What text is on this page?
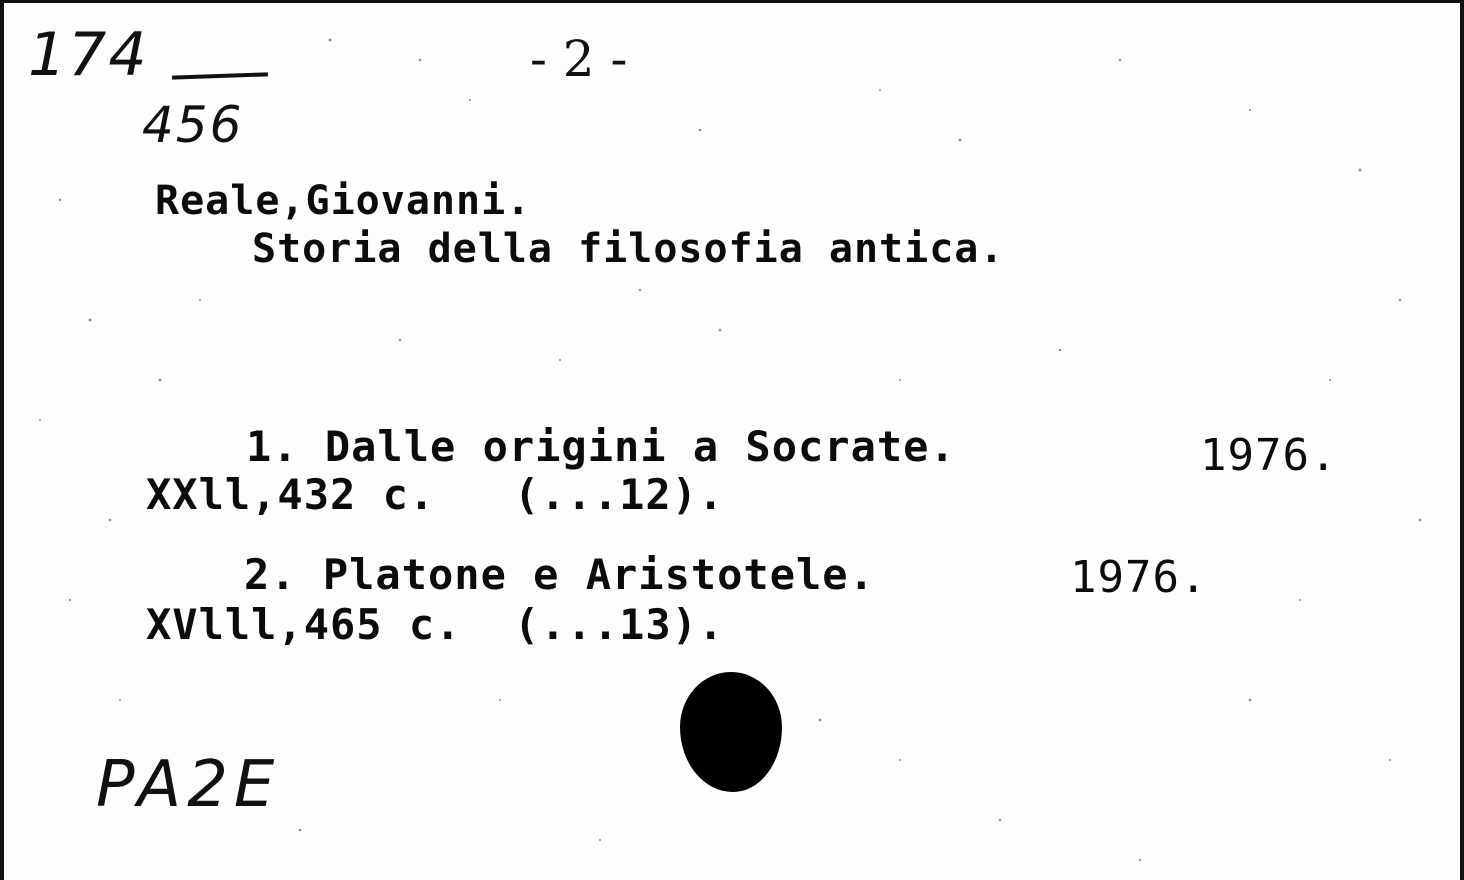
174
456
- 2 -
Reale,Giovanni.
Storia della filosofia antica.
1. Dalle origini a Socrate.	1976.
XXll,432 c.   (...12).
2. Platone e Aristotele.	1976.
XVlll,465 c.  (...13).
PA2E
